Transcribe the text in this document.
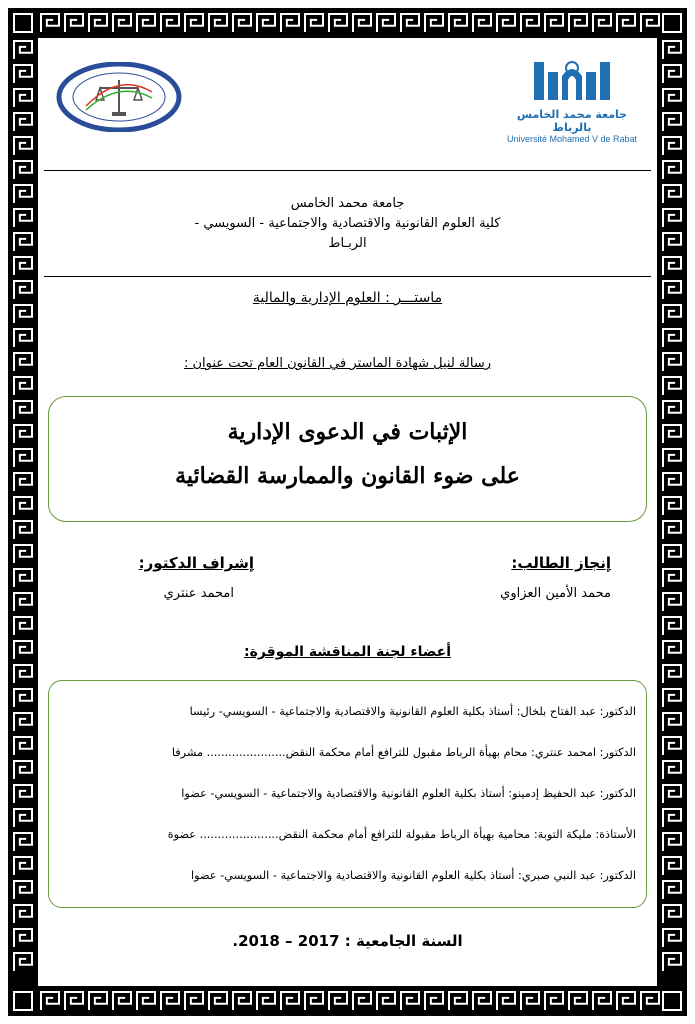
جامعة محمد الخامس بالرباط
Université Mohamed V de Rabat
جامعة محمد الخامس
كلية العلوم القانونية والاقتصادية والاجتماعية - السويسي -
الربـاط
ماستـــر : العلوم الإدارية والمالية
رسالة لنيل شهادة الماستر في القانون العام تحت عنوان :
الإثبات في الدعوى الإدارية
على ضوء القانون والممارسة القضائية
إنجاز الطالب:
محمد الأمين العزاوي
إشراف الدكتور:
امحمد عنتري
أعضاء لجنة المناقشة الموقرة:
الدكتور: عبد الفتاح بلخال: أستاذ بكلية العلوم القانونية والاقتصادية والاجتماعية - السويسي- رئيسا
الدكتور: امحمد عنتري: محام بهيأة الرباط مقبول للترافع أمام محكمة النقض...................... مشرفا
الدكتور: عبد الحفيظ إدمينو: أستاذ بكلية العلوم القانونية والاقتصادية والاجتماعية - السويسي- عضوا
الأستاذة: مليكة التوبة: محامية بهيأة الرباط مقبولة للترافع أمام محكمة النقض...................... عضوة
الدكتور: عبد النبي صبري: أستاذ بكلية العلوم القانونية والاقتصادية والاجتماعية - السويسي- عضوا
السنة الجامعية : 2017 – 2018.
